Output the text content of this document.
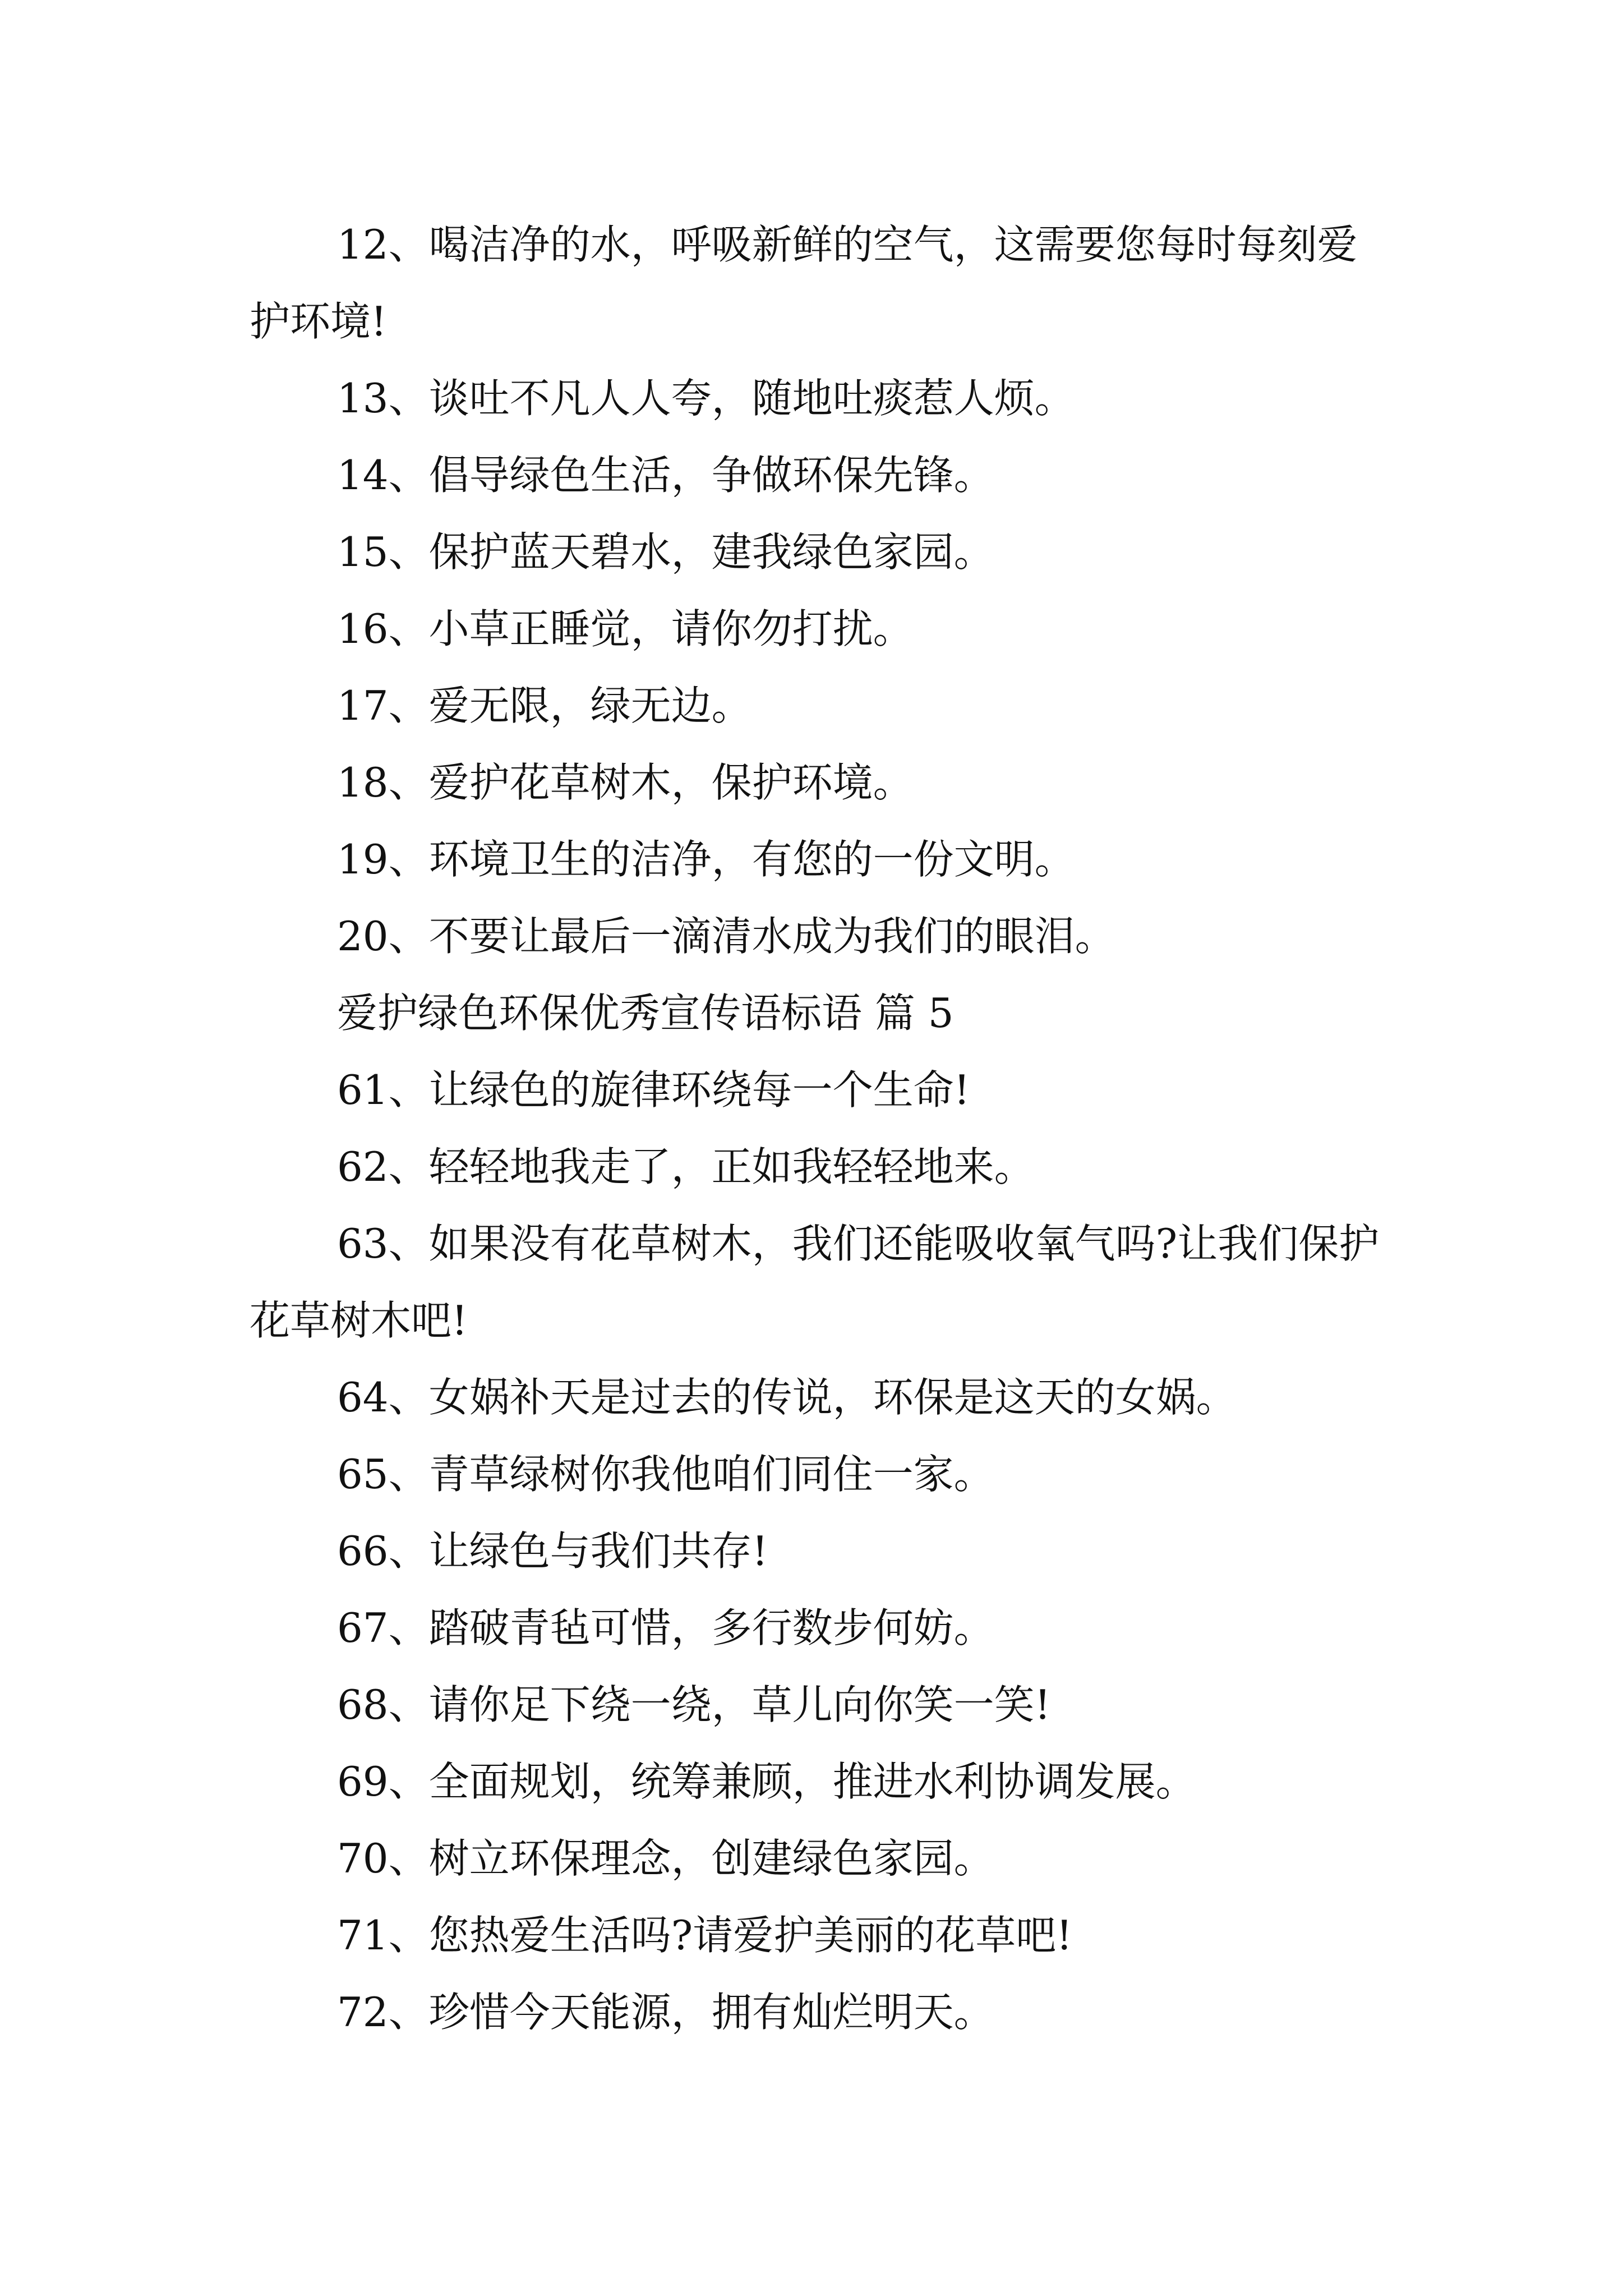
12、喝洁净的水，呼吸新鲜的空气，这需要您每时每刻爱护环境!

13、谈吐不凡人人夸，随地吐痰惹人烦。

14、倡导绿色生活，争做环保先锋。

15、保护蓝天碧水，建我绿色家园。

16、小草正睡觉，请你勿打扰。

17、爱无限，绿无边。

18、爱护花草树木，保护环境。

19、环境卫生的洁净，有您的一份文明。

20、不要让最后一滴清水成为我们的眼泪。

爱护绿色环保优秀宣传语标语 篇 5

61、让绿色的旋律环绕每一个生命!

62、轻轻地我走了，正如我轻轻地来。

63、如果没有花草树木，我们还能吸收氧气吗?让我们保护花草树木吧!

64、女娲补天是过去的传说，环保是这天的女娲。

65、青草绿树你我他咱们同住一家。

66、让绿色与我们共存!

67、踏破青毡可惜，多行数步何妨。

68、请你足下绕一绕，草儿向你笑一笑!

69、全面规划，统筹兼顾，推进水利协调发展。

70、树立环保理念，创建绿色家园。

71、您热爱生活吗?请爱护美丽的花草吧!

72、珍惜今天能源，拥有灿烂明天。
